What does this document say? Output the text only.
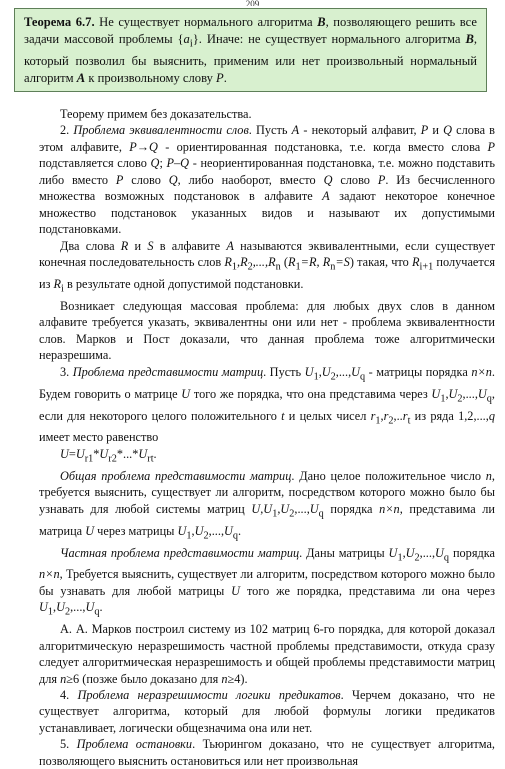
209
Теорема 6.7. Не существует нормального алгоритма B, позволяющего решить все задачи массовой проблемы $\{a_i\}$. Иначе: не существует нормального алгоритма B, который позволил бы выяснить, применим или нет произвольный нормальный алгоритм A к произвольному слову P.

Теорему примем без доказательства.

2. Проблема эквивалентности слов. Пусть A - некоторый алфавит, P и Q слова в этом алфавите, P→Q - ориентированная подстановка, т.е. когда вместо слова P подставляется слово Q; P–Q - неориентированная подстановка, т.е. можно подставить либо вместо P слово Q, либо наоборот, вместо Q слово P. Из бесчисленного множества возможных подстановок в алфавите A задают некоторое конечное множество подстановок указанных видов и называют их допустимыми подстановками.

Два слова R и S в алфавите A называются эквивалентными, если существует конечная последовательность слов $R_1,R_2,...,R_n$ ($R_1=R$, $R_n=S$) такая, что $R_{i+1}$ получается из $R_i$ в результате одной допустимой подстановки.

Возникает следующая массовая проблема: для любых двух слов в данном алфавите требуется указать, эквивалентны они или нет - проблема эквивалентности слов. Марков и Пост доказали, что данная проблема тоже алгоритмически неразрешима.

3. Проблема представимости матриц. Пусть $U_1,U_2,...,U_q$ - матрицы порядка n×n. Будем говорить о матрице U того же порядка, что она представима через $U_1,U_2,...,U_q$, если для некоторого целого положительного t и целых чисел $r_1,r_2,..r_t$ из ряда 1,2,...,q имеет место равенство

$U=U_{r1}*U_{r2}*...*U_{rt}$.

Общая проблема представимости матриц. Дано целое положительное число n, требуется выяснить, существует ли алгоритм, посредством которого можно было бы узнавать для любой системы матриц $U,U_1,U_2,...,U_q$ порядка n×n, представима ли матрица U через матрицы $U_1,U_2,...,U_q$.

Частная проблема представимости матриц. Даны матрицы $U_1,U_2,...,U_q$ порядка n×n, Требуется выяснить, существует ли алгоритм, посредством которого можно было бы узнавать для любой матрицы U того же порядка, представима ли она через $U_1,U_2,...,U_q$.

А. А. Марков построил систему из 102 матриц 6-го порядка, для которой доказал алгоритмическую неразрешимость частной проблемы представимости, откуда сразу следует алгоритмическая неразрешимость и общей проблемы представимости матриц для n≥6 (позже было доказано для n≥4).

4. Проблема неразрешимости логики предикатов. Черчем доказано, что не существует алгоритма, который для любой формулы логики предикатов устанавливает, логически общезначима она или нет.

5. Проблема остановки. Тьюрингом доказано, что не существует алгоритма, позволяющего выяснить остановиться или нет произвольная
